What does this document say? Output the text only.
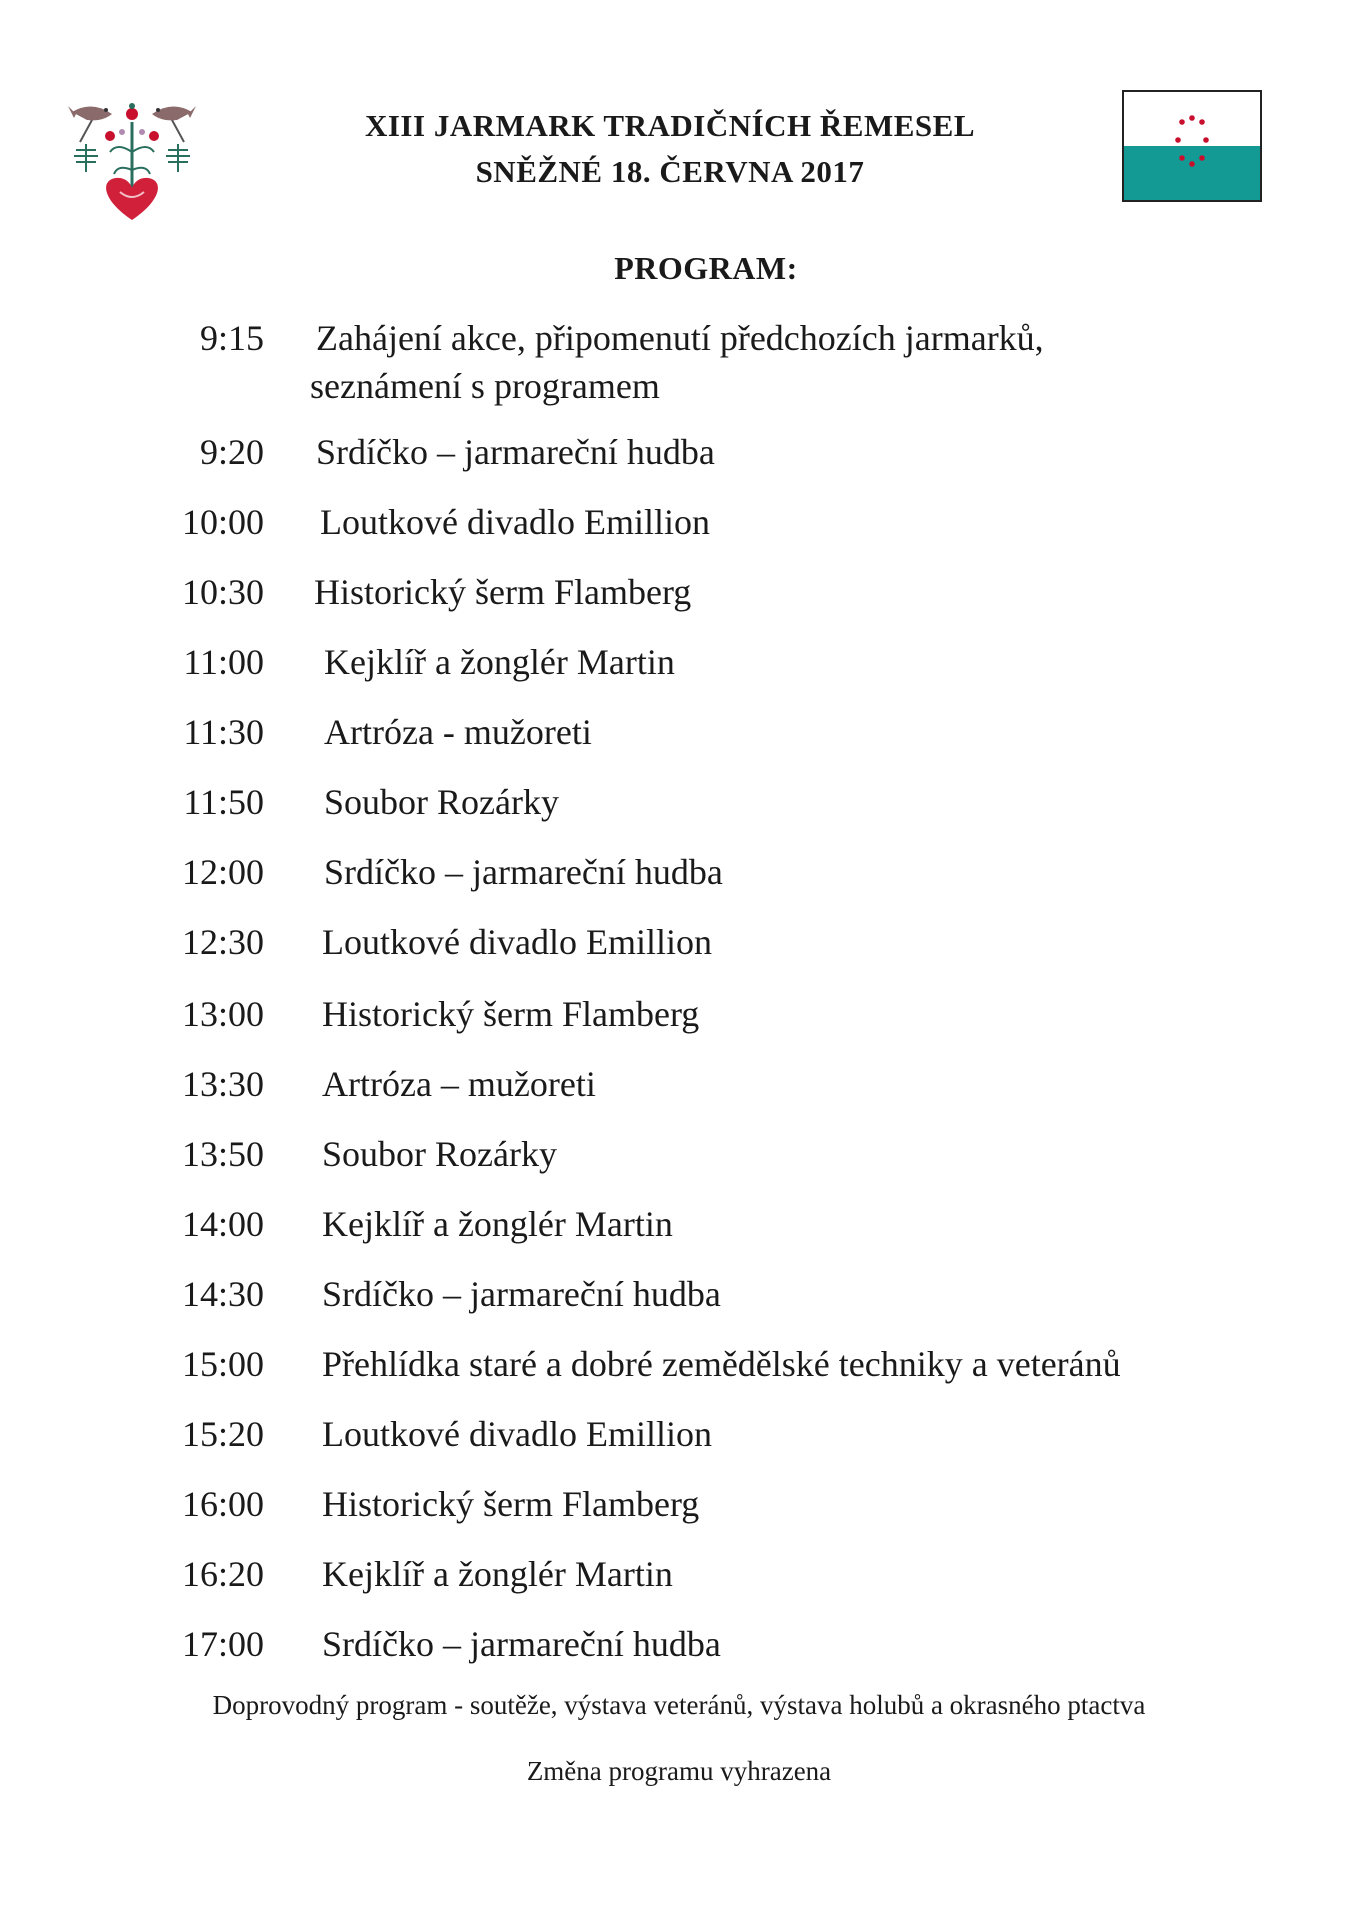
XIII JARMARK TRADIČNÍCH ŘEMESEL
SNĚŽNÉ 18. ČERVNA 2017
PROGRAM:
9:15 Zahájení akce, připomenutí předchozích jarmarků,
seznámení s programem
9:20 Srdíčko – jarmareční hudba
10:00 Loutkové divadlo Emillion
10:30 Historický šerm Flamberg
11:00 Kejklíř a žonglér Martin
11:30 Artróza - mužoreti
11:50 Soubor Rozárky
12:00 Srdíčko – jarmareční hudba
12:30 Loutkové divadlo Emillion
13:00 Historický šerm Flamberg
13:30 Artróza – mužoreti
13:50 Soubor Rozárky
14:00 Kejklíř a žonglér Martin
14:30 Srdíčko – jarmareční hudba
15:00 Přehlídka staré a dobré zemědělské techniky a veteránů
15:20 Loutkové divadlo Emillion
16:00 Historický šerm Flamberg
16:20 Kejklíř a žonglér Martin
17:00 Srdíčko – jarmareční hudba
Doprovodný program - soutěže, výstava veteránů, výstava holubů a okrasného ptactva
Změna programu vyhrazena
